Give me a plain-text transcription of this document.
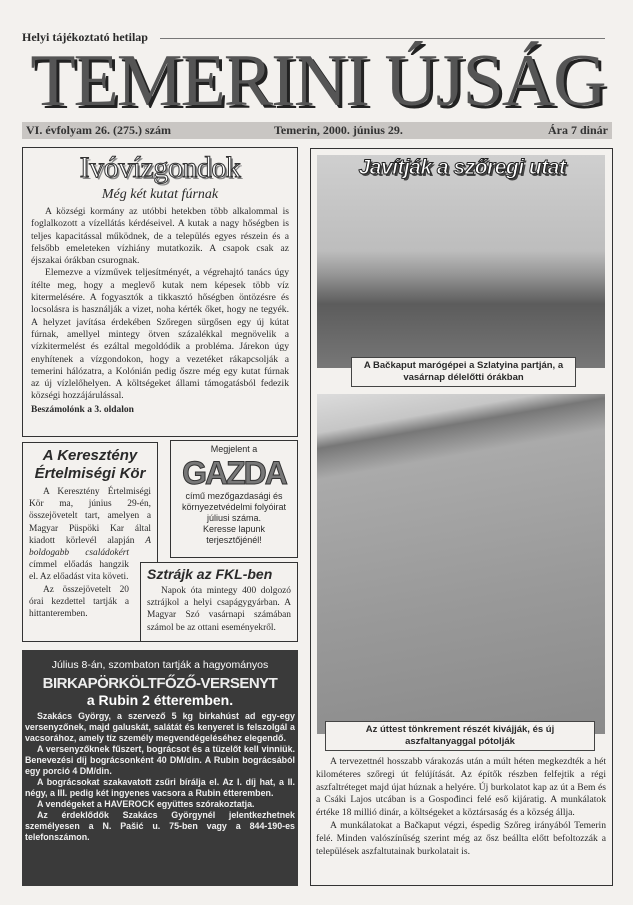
Helyi tájékoztató hetilap
TEMERINI ÚJSÁG
VI. évfolyam 26. (275.) szám	Temerin, 2000. június 29.	Ára 7 dinár
Ivóvízgondok
Még két kutat fúrnak

A községi kormány az utóbbi hetekben több alkalommal is foglalkozott a vízellátás kérdéseivel. A kutak a nagy hőségben is teljes kapacitással működnek, de a település egyes részein és a felsőbb emeleteken vízhiány mutatkozik. A csapok csak az éjszakai órákban csurognak.

Elemezve a vízművek teljesítményét, a végrehajtó tanács úgy ítélte meg, hogy a meglevő kutak nem képesek több víz kitermelésére. A fogyasztók a tikkasztó hőségben öntözésre és locsolásra is használják a vizet, noha kérték őket, hogy ne tegyék. A helyzet javítása érdekében Szőregen sürgősen egy új kútat fúrnak, amellyel mintegy ötven százalékkal megnövelik a vízkitermelést és ezáltal megoldódik a probléma. Járekon úgy enyhítenek a vízgondokon, hogy a vezetéket rákapcsolják a temerini hálózatra, a Kolónián pedig őszre még egy kutat fúrnak az új vízlelőhelyen. A költségeket állami támogatásból fedezik községi hozzájárulással.

Beszámolónk a 3. oldalon
A Keresztény Értelmiségi Kör

A Keresztény Értelmiségi Kör ma, június 29-én, összejövetelt tart, amelyen a Magyar Püspöki Kar által kiadott körlevél alapján A boldogabb családokért címmel előadás hangzik el. Az előadást vita követi.

Az összejövetelt 20 órai kezdettel tartják a hittanteremben.

Megjelent a
GAZDA
című mezőgazdasági és környezetvédelmi folyóirat júliusi száma.
Keresse lapunk terjesztőjénél!
Sztrájk az FKL-ben

Napok óta mintegy 400 dolgozó sztrájkol a helyi csapágygyárban. A Magyar Szó vasárnapi számában számol be az ottani eseményekről.

Július 8-án, szombaton tartják a hagyományos
BIRKAPÖRKÖLTFŐZŐ-VERSENYT
a Rubin 2 étteremben.

Szakács György, a szervező 5 kg birkahúst ad egy-egy versenyzőnek, majd galuskát, salátát és kenyeret is felszolgál a vacsorához, amely tíz személy megvendégeléséhez elegendő.

A versenyzőknek fűszert, bográcsot és a tüzelőt kell vinniük. Benevezési díj bográcsonként 40 DM/din. A Rubin bográcsából egy porció 4 DM/din.

A bográcsokat szakavatott zsűri bírálja el. Az I. díj hat, a II. négy, a III. pedig két ingyenes vacsora a Rubin étteremben.

A vendégeket a HAVEROCK együttes szórakoztatja.

Az érdeklődők Szakács Györgynél jelentkezhetnek személyesen a N. Pašić u. 75-ben vagy a 844-190-es telefonszámon.

Javítják a szőregi utat
A Bačkaput marógépei a Szlatyina partján, a vasárnap délelőtti órákban
Az úttest tönkrement részét kivájják, és új aszfaltanyaggal pótolják

A tervezettnél hosszabb várakozás után a múlt héten megkezdték a hét kilométeres szőregi út felújítását. Az építők részben felfejtik a régi aszfaltréteget majd újat húznak a helyére. Új burkolatot kap az út a Bem és a Csáki Lajos utcában is a Gospođinci felé eső kijáratig. A munkálatok értéke 18 millió dinár, a költségeket a köztársaság és a község állja.

A munkálatokat a Bačkaput végzi, éspedig Szőreg irányából Temerin felé. Minden valószínűség szerint még az ősz beállta előtt befoltozzák a települések aszfaltutainak burkolatait is.
